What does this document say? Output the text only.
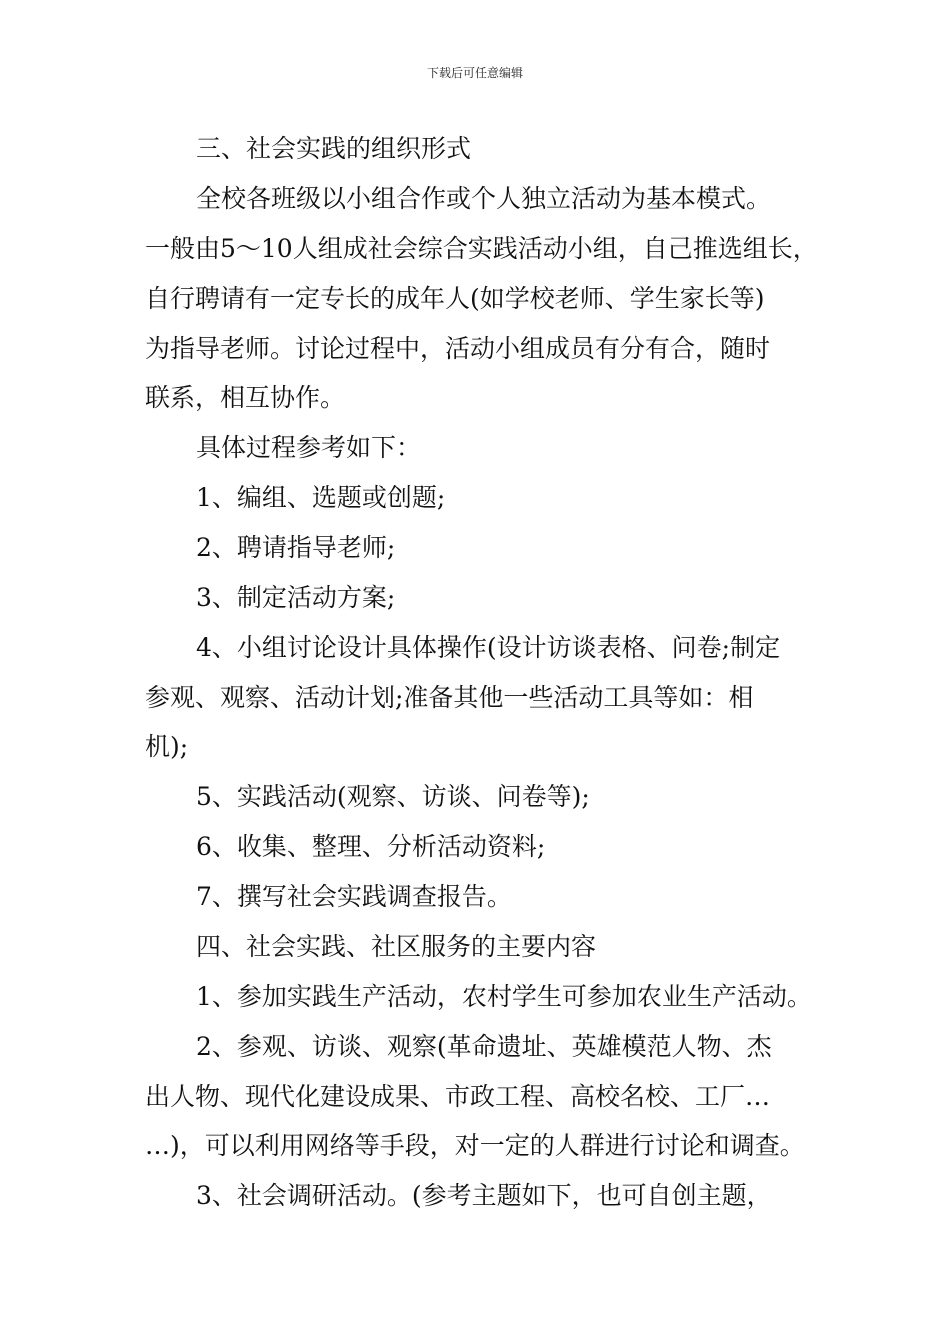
下载后可任意编辑
三、社会实践的组织形式
全校各班级以小组合作或个人独立活动为基本模式。
一般由5～10人组成社会综合实践活动小组，自己推选组长，
自行聘请有一定专长的成年人(如学校老师、学生家长等)
为指导老师。讨论过程中，活动小组成员有分有合，随时
联系，相互协作。
具体过程参考如下：
1、编组、选题或创题;
2、聘请指导老师;
3、制定活动方案;
4、小组讨论设计具体操作(设计访谈表格、问卷;制定
参观、观察、活动计划;准备其他一些活动工具等如：相
机);
5、实践活动(观察、访谈、问卷等);
6、收集、整理、分析活动资料;
7、撰写社会实践调查报告。
四、社会实践、社区服务的主要内容
1、参加实践生产活动，农村学生可参加农业生产活动。
2、参观、访谈、观察(革命遗址、英雄模范人物、杰
出人物、现代化建设成果、市政工程、高校名校、工厂…
…)，可以利用网络等手段，对一定的人群进行讨论和调查。
3、社会调研活动。(参考主题如下，也可自创主题，
